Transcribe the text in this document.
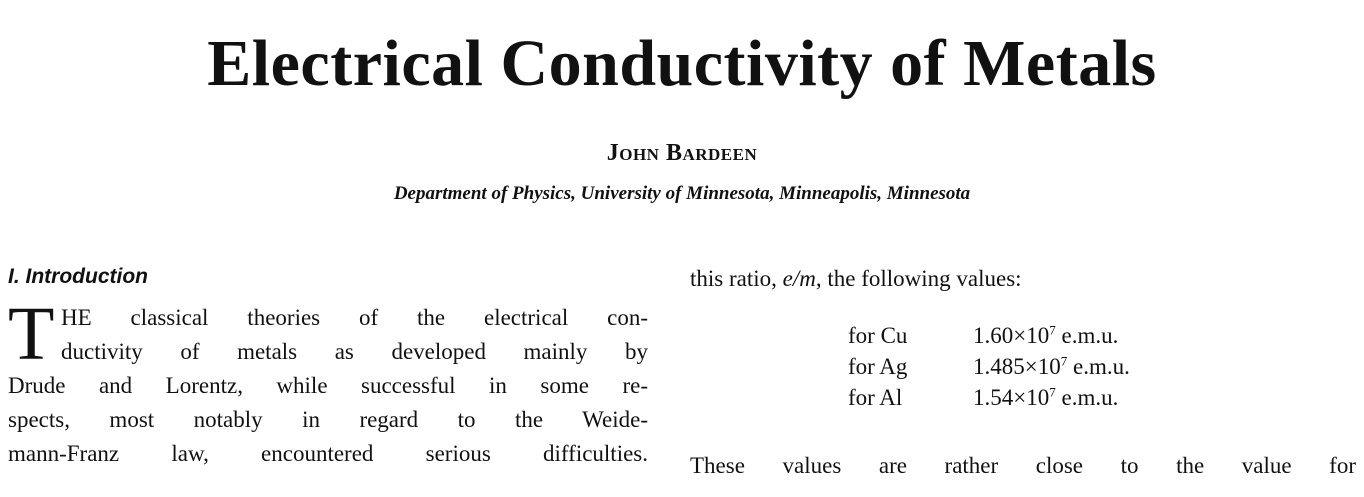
Electrical Conductivity of Metals
John Bardeen
Department of Physics, University of Minnesota, Minneapolis, Minnesota
I. Introduction
T HE classical theories of the electrical con-
ductivity of metals as developed mainly by
Drude and Lorentz, while successful in some re-
spects, most notably in regard to the Weide-
mann-Franz law, encountered serious difficulties.
this ratio, e/m, the following values:
for Cu	$1.60\times 10^7$ e.m.u.
for Ag	$1.485\times 10^7$ e.m.u.
for Al	$1.54\times 10^7$ e.m.u.
These values are rather close to the value for
